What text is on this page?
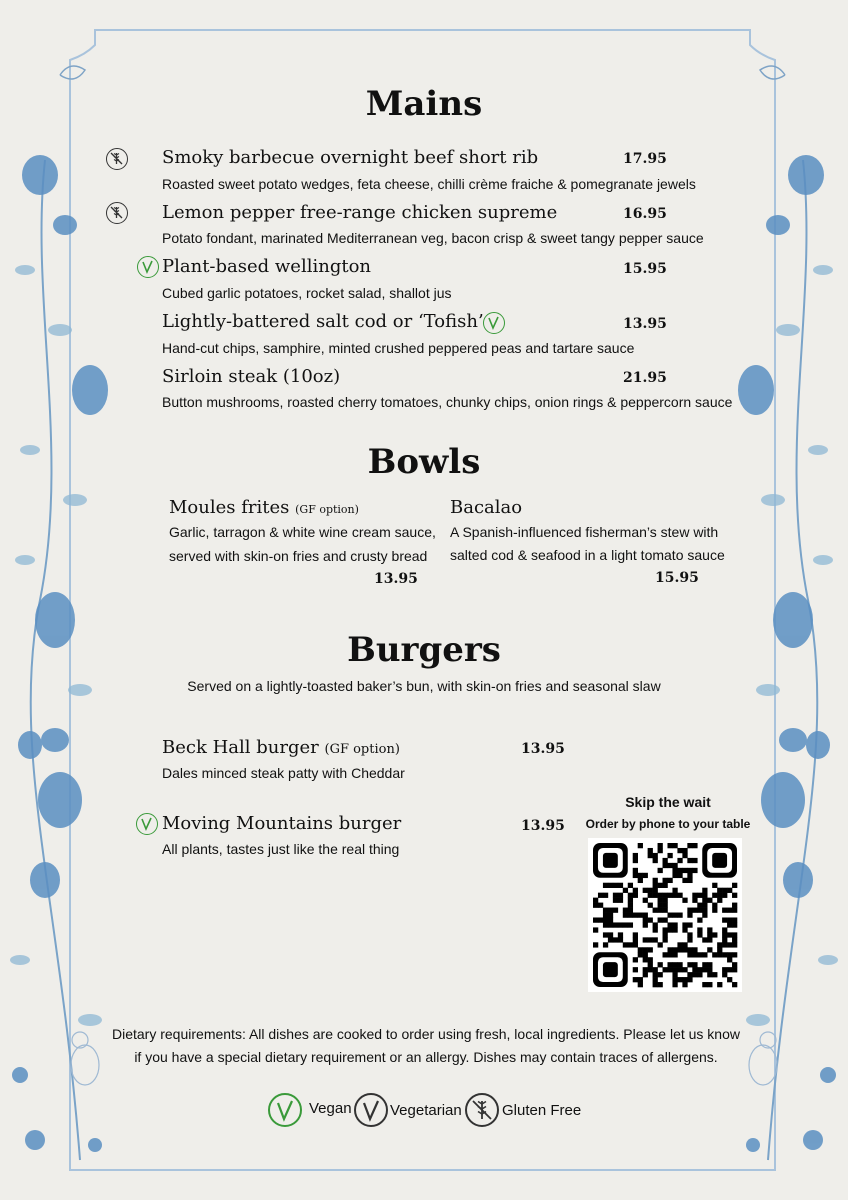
Mains
Smoky barbecue overnight beef short rib	17.95
Roasted sweet potato wedges, feta cheese, chilli crème fraiche & pomegranate jewels
Lemon pepper free-range chicken supreme	16.95
Potato fondant, marinated Mediterranean veg, bacon crisp & sweet tangy pepper sauce
Plant-based wellington	15.95
Cubed garlic potatoes, rocket salad, shallot jus
Lightly-battered salt cod or ‘Tofish’	13.95
Hand-cut chips, samphire, minted crushed peppered peas and tartare sauce
Sirloin steak (10oz)	21.95
Button mushrooms, roasted cherry tomatoes, chunky chips, onion rings & peppercorn sauce
Bowls
Moules frites (GF option)
Garlic, tarragon & white wine cream sauce,
served with skin-on fries and crusty bread
13.95
Bacalao
A Spanish-influenced fisherman’s stew with
salted cod & seafood in a light tomato sauce
15.95
Burgers
Served on a lightly-toasted baker’s bun, with skin-on fries and seasonal slaw
Beck Hall burger (GF option)	13.95
Dales minced steak patty with Cheddar
Moving Mountains burger	13.95
All plants, tastes just like the real thing
Skip the wait
Order by phone to your table
Dietary requirements: All dishes are cooked to order using fresh, local ingredients. Please let us know
if you have a special dietary requirement or an allergy. Dishes may contain traces of allergens.
Vegan	Vegetarian	Gluten Free
